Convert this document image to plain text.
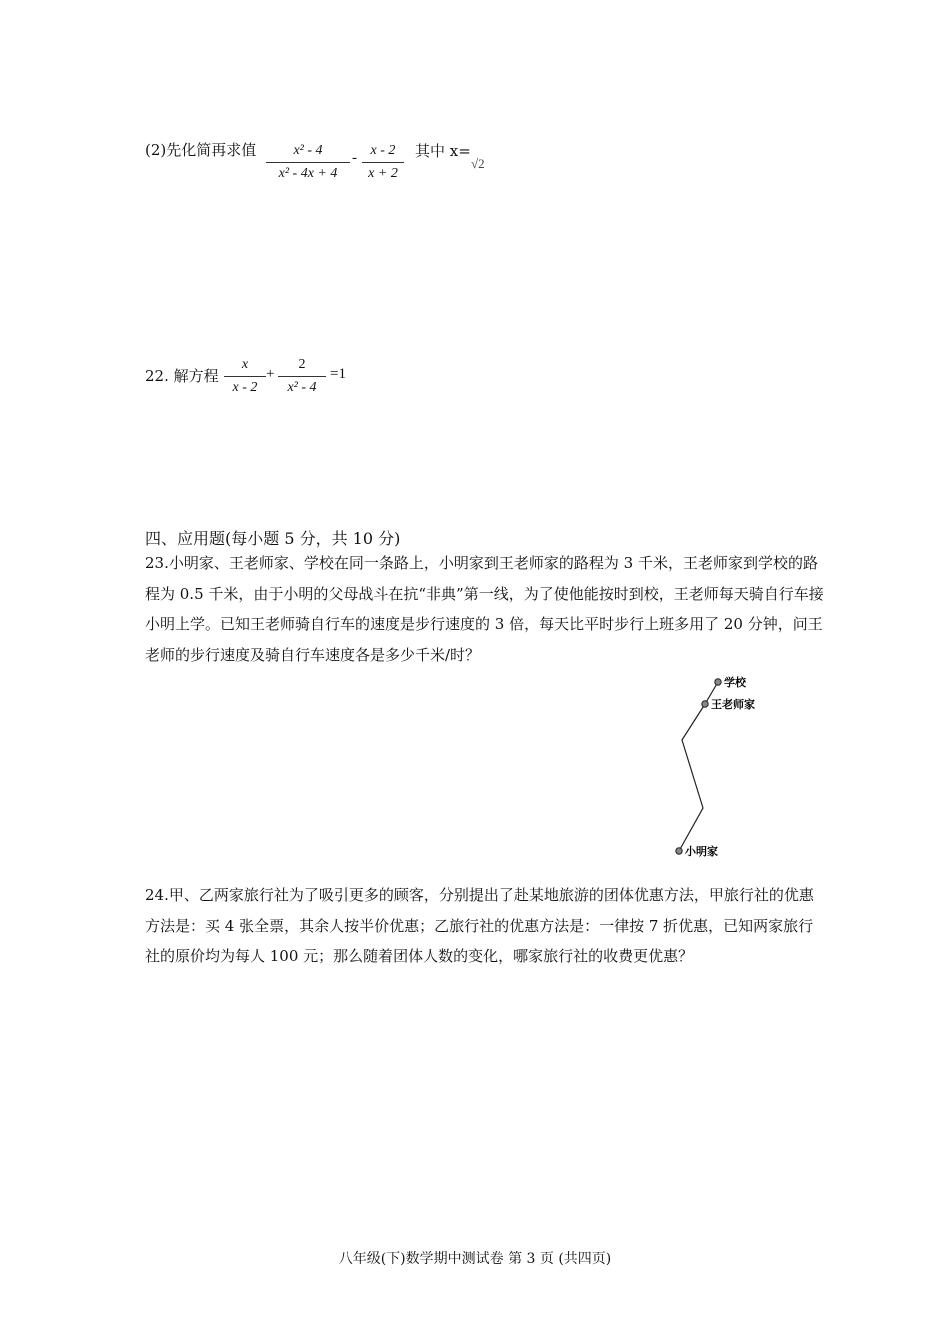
(2)先化简再求值	x² - 4
x² - 4x + 4
- x - 2
x + 2
其中 x=
√2
22. 解方程
x
x - 2
+
2
x² - 4
=1
四、应用题(每小题 5 分，共 10 分)
23.小明家、王老师家、学校在同一条路上，小明家到王老师家的路程为 3 千米，王老师家到学校的路程为 0.5 千米，由于小明的父母战斗在抗“非典”第一线，为了使他能按时到校，王老师每天骑自行车接小明上学。已知王老师骑自行车的速度是步行速度的 3 倍，每天比平时步行上班多用了 20 分钟，问王老师的步行速度及骑自行车速度各是多少千米/时？
学校
王老师家
小明家
24.甲、乙两家旅行社为了吸引更多的顾客，分别提出了赴某地旅游的团体优惠方法，甲旅行社的优惠方法是：买 4 张全票，其余人按半价优惠；乙旅行社的优惠方法是：一律按 7 折优惠，已知两家旅行社的原价均为每人 100 元；那么随着团体人数的变化，哪家旅行社的收费更优惠？
八年级(下)数学期中测试卷 第 3 页 (共四页)
